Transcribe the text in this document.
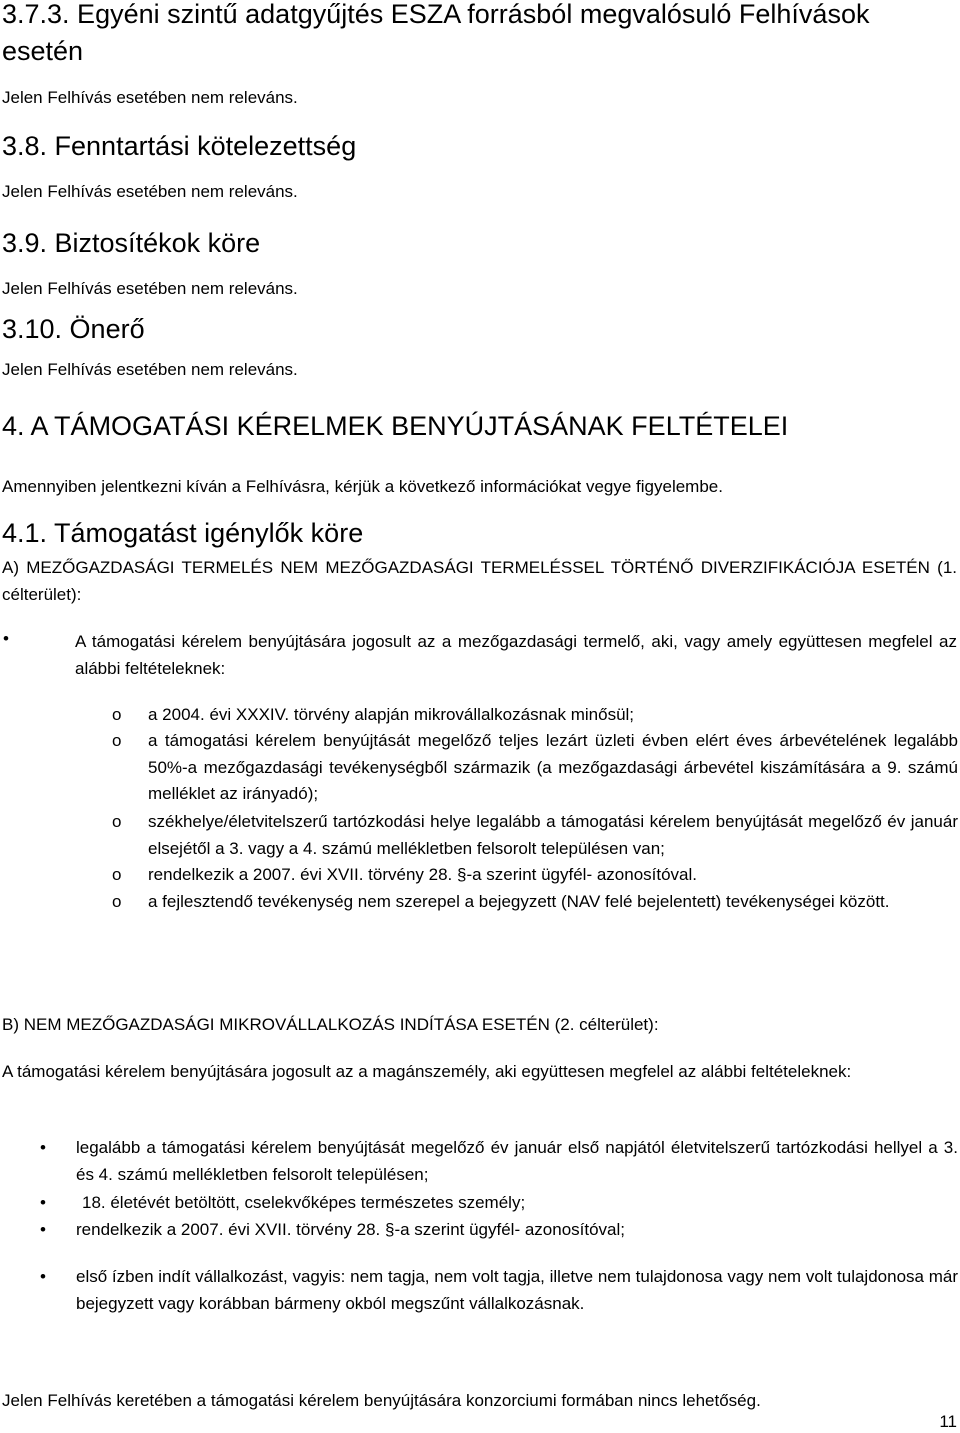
3.7.3. Egyéni szintű adatgyűjtés ESZA forrásból megvalósuló Felhívások esetén
Jelen Felhívás esetében nem releváns.
3.8. Fenntartási kötelezettség
Jelen Felhívás esetében nem releváns.
3.9. Biztosítékok köre
Jelen Felhívás esetében nem releváns.
3.10. Önerő
Jelen Felhívás esetében nem releváns.
4. A TÁMOGATÁSI KÉRELMEK BENYÚJTÁSÁNAK FELTÉTELEI
Amennyiben jelentkezni kíván a Felhívásra, kérjük a következő információkat vegye figyelembe.
4.1. Támogatást igénylők köre
A) MEZŐGAZDASÁGI TERMELÉS NEM MEZŐGAZDASÁGI TERMELÉSSEL TÖRTÉNŐ DIVERZIFIKÁCIÓJA ESETÉN (1. célterület):
•	A támogatási kérelem benyújtására jogosult az a mezőgazdasági termelő, aki, vagy amely együttesen megfelel az alábbi feltételeknek:
o a 2004. évi XXXIV. törvény alapján mikrovállalkozásnak minősül;
o a támogatási kérelem benyújtását megelőző teljes lezárt üzleti évben elért éves árbevételének legalább 50%-a mezőgazdasági tevékenységből származik (a mezőgazdasági árbevétel kiszámítására a 9. számú melléklet az irányadó);
o székhelye/életvitelszerű tartózkodási helye legalább a támogatási kérelem benyújtását megelőző év január elsejétől a 3. vagy a 4. számú mellékletben felsorolt településen van;
o rendelkezik a 2007. évi XVII. törvény 28. §-a szerint ügyfél- azonosítóval.
o a fejlesztendő tevékenység nem szerepel a bejegyzett (NAV felé bejelentett) tevékenységei között.
B) NEM MEZŐGAZDASÁGI MIKROVÁLLALKOZÁS INDÍTÁSA ESETÉN (2. célterület):
A támogatási kérelem benyújtására jogosult az a magánszemély, aki együttesen megfelel az alábbi feltételeknek:
• legalább a támogatási kérelem benyújtását megelőző év január első napjától életvitelszerű tartózkodási hellyel a 3. és 4. számú mellékletben felsorolt településen;
• 18. életévét betöltött, cselekvőképes természetes személy;
• rendelkezik a 2007. évi XVII. törvény 28. §-a szerint ügyfél- azonosítóval;
• első ízben indít vállalkozást, vagyis: nem tagja, nem volt tagja, illetve nem tulajdonosa vagy nem volt tulajdonosa már bejegyzett vagy korábban bármeny okból megszűnt vállalkozásnak.
Jelen Felhívás keretében a támogatási kérelem benyújtására konzorciumi formában nincs lehetőség.
11
